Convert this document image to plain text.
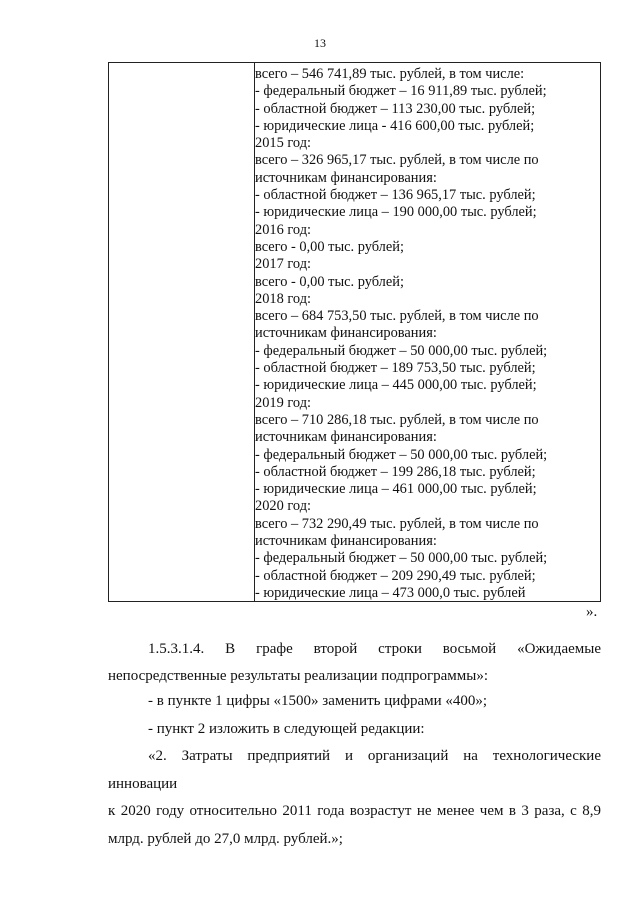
13
всего – 546 741,89 тыс. рублей, в том числе:
- федеральный бюджет – 16 911,89 тыс. рублей;
- областной бюджет – 113 230,00 тыс. рублей;
- юридические лица - 416 600,00 тыс. рублей;
2015 год:
всего – 326 965,17 тыс. рублей, в том числе по
источникам финансирования:
- областной бюджет – 136 965,17 тыс. рублей;
- юридические лица – 190 000,00 тыс. рублей;
2016 год:
всего - 0,00 тыс. рублей;
2017 год:
всего - 0,00 тыс. рублей;
2018 год:
всего – 684 753,50 тыс. рублей, в том числе по
источникам финансирования:
- федеральный бюджет – 50 000,00 тыс. рублей;
- областной бюджет – 189 753,50 тыс. рублей;
- юридические лица – 445 000,00 тыс. рублей;
2019 год:
всего – 710 286,18 тыс. рублей, в том числе по
источникам финансирования:
- федеральный бюджет – 50 000,00 тыс. рублей;
- областной бюджет – 199 286,18 тыс. рублей;
- юридические лица – 461 000,00 тыс. рублей;
2020 год:
всего – 732 290,49 тыс. рублей, в том числе по
источникам финансирования:
- федеральный бюджет – 50 000,00 тыс. рублей;
- областной бюджет – 209 290,49 тыс. рублей;
- юридические лица – 473 000,0 тыс. рублей
».
1.5.3.1.4. В графе второй строки восьмой «Ожидаемые
непосредственные результаты реализации подпрограммы»:
- в пункте 1 цифры «1500» заменить цифрами «400»;
- пункт 2 изложить в следующей редакции:
«2. Затраты предприятий и организаций на технологические инновации
к 2020 году относительно 2011 года возрастут не менее чем в 3 раза, с 8,9
млрд. рублей до 27,0 млрд. рублей.»;
